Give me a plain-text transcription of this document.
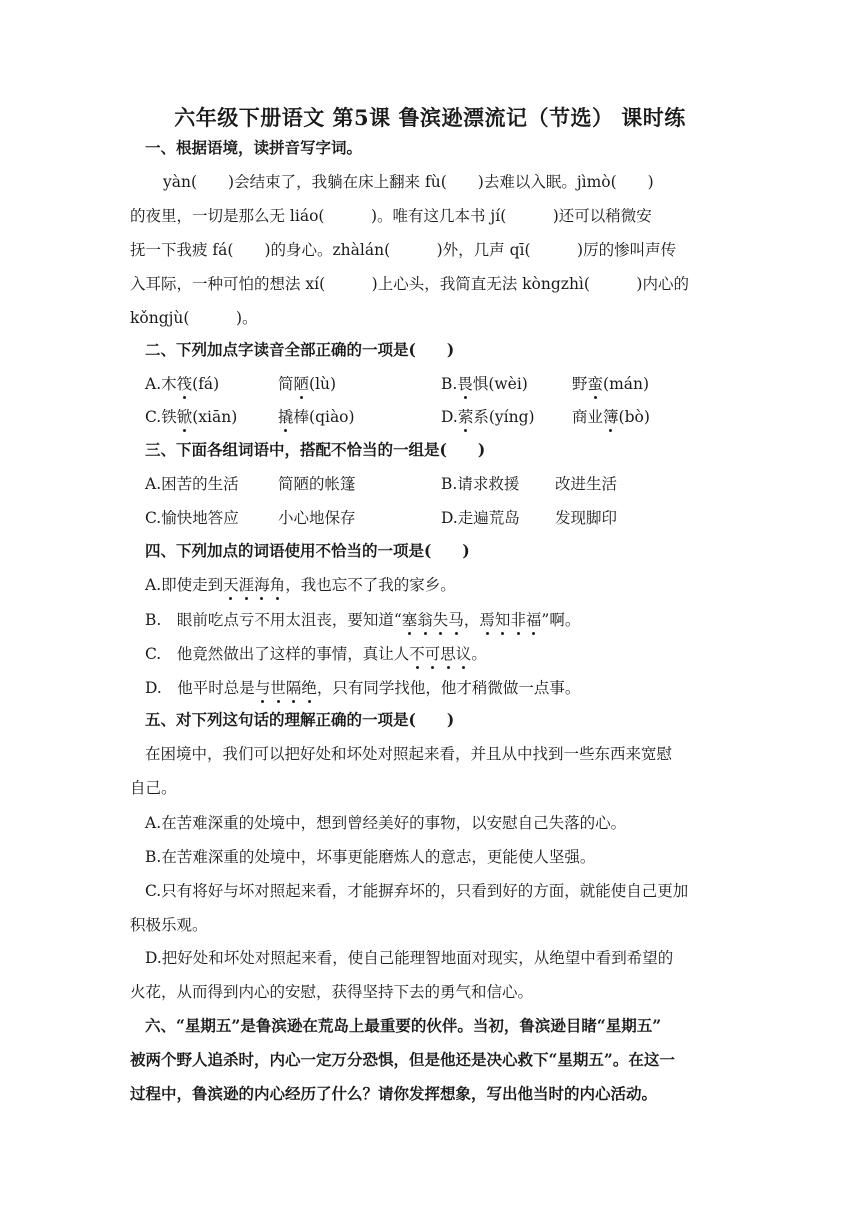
六年级下册语文 第5课 鲁滨逊漂流记（节选） 课时练
一、根据语境，读拼音写字词。
yàn(　　)会结束了，我躺在床上翻来 fù(　　)去难以入眠。jìmò(　　)
的夜里，一切是那么无 liáo(　　　)。唯有这几本书 jí(　　　)还可以稍微安
抚一下我疲 fá(　　)的身心。zhàlán(　　　)外，几声 qī(　　　)厉的惨叫声传
入耳际，一种可怕的想法 xí(　　　)上心头，我简直无法 kòngzhì(　　　)内心的
kǒngjù(　　　)。
二、下列加点字读音全部正确的一项是(　　)
A.木筏(fá)	简陋(lù)	B.畏惧(wèi)	野蛮(mán)
C.铁锨(xiān)	撬棒(qiào)	D.萦系(yíng) 商业簿(bò)
三、下面各组词语中，搭配不恰当的一组是(　　)
A.困苦的生活	简陋的帐篷	B.请求救援 改进生活
C.愉快地答应	小心地保存	D.走遍荒岛 发现脚印
四、下列加点的词语使用不恰当的一项是(　　)
A.即使走到天涯海角，我也忘不了我的家乡。
B.　眼前吃点亏不用太沮丧，要知道“塞翁失马，焉知非福”啊。
C.　他竟然做出了这样的事情，真让人不可思议。
D.　他平时总是与世隔绝，只有同学找他，他才稍微做一点事。
五、对下列这句话的理解正确的一项是(　　)
在困境中，我们可以把好处和坏处对照起来看，并且从中找到一些东西来宽慰
自己。
A.在苦难深重的处境中，想到曾经美好的事物，以安慰自己失落的心。
B.在苦难深重的处境中，坏事更能磨炼人的意志，更能使人坚强。
C.只有将好与坏对照起来看，才能摒弃坏的，只看到好的方面，就能使自己更加
积极乐观。
D.把好处和坏处对照起来看，使自己能理智地面对现实，从绝望中看到希望的
火花，从而得到内心的安慰，获得坚持下去的勇气和信心。
六、“星期五”是鲁滨逊在荒岛上最重要的伙伴。当初，鲁滨逊目睹“星期五”
被两个野人追杀时，内心一定万分恐惧，但是他还是决心救下“星期五”。在这一
过程中，鲁滨逊的内心经历了什么？请你发挥想象，写出他当时的内心活动。
